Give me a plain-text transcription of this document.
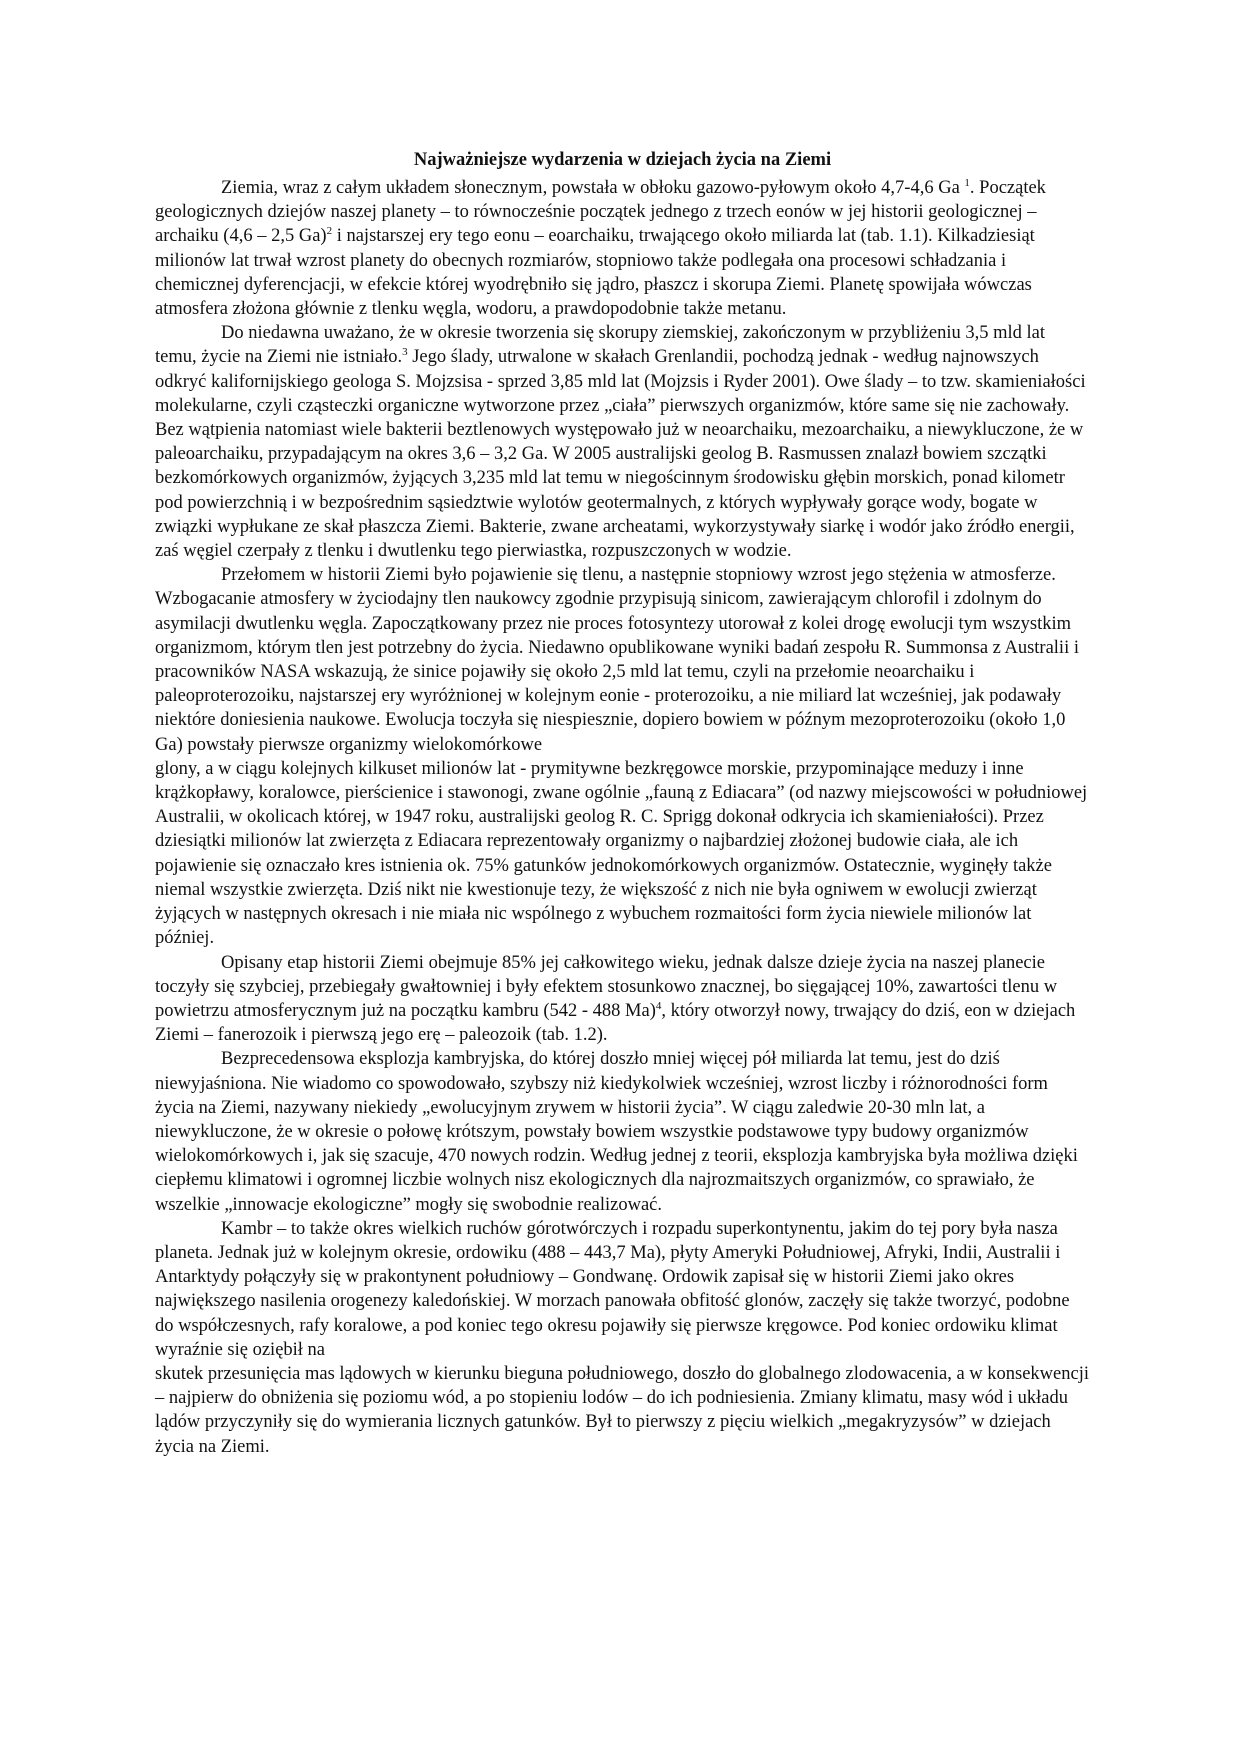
Najważniejsze wydarzenia w dziejach życia na Ziemi

Ziemia, wraz z całym układem słonecznym, powstała w obłoku gazowo-pyłowym około 4,7-4,6 Ga $^1$. Początek geologicznych dziejów naszej planety – to równocześnie początek jednego z trzech eonów w jej historii geologicznej – archaiku (4,6 – 2,5 Ga)$^2$ i najstarszej ery tego eonu – eoarchaiku, trwającego około miliarda lat (tab. 1.1). Kilkadziesiąt milionów lat trwał wzrost planety do obecnych rozmiarów, stopniowo także podlegała ona procesowi schładzania i chemicznej dyferencjacji, w efekcie której wyodrębniło się jądro, płaszcz i skorupa Ziemi. Planetę spowijała wówczas atmosfera złożona głównie z tlenku węgla, wodoru, a prawdopodobnie także metanu.

Do niedawna uważano, że w okresie tworzenia się skorupy ziemskiej, zakończonym w przybliżeniu 3,5 mld lat temu, życie na Ziemi nie istniało.$^3$ Jego ślady, utrwalone w skałach Grenlandii, pochodzą jednak - według najnowszych odkryć kalifornijskiego geologa S. Mojzsisa - sprzed 3,85 mld lat (Mojzsis i Ryder 2001). Owe ślady – to tzw. skamieniałości molekularne, czyli cząsteczki organiczne wytworzone przez „ciała” pierwszych organizmów, które same się nie zachowały. Bez wątpienia natomiast wiele bakterii beztlenowych występowało już w neoarchaiku, mezoarchaiku, a niewykluczone, że w paleoarchaiku, przypadającym na okres 3,6 – 3,2 Ga. W 2005 australijski geolog B. Rasmussen znalazł bowiem szczątki bezkomórkowych organizmów, żyjących 3,235 mld lat temu w niegościnnym środowisku głębin morskich, ponad kilometr pod powierzchnią i w bezpośrednim sąsiedztwie wylotów geotermalnych, z których wypływały gorące wody, bogate w związki wypłukane ze skał płaszcza Ziemi. Bakterie, zwane archeatami, wykorzystywały siarkę i wodór jako źródło energii, zaś węgiel czerpały z tlenku i dwutlenku tego pierwiastka, rozpuszczonych w wodzie.

Przełomem w historii Ziemi było pojawienie się tlenu, a następnie stopniowy wzrost jego stężenia w atmosferze. Wzbogacanie atmosfery w życiodajny tlen naukowcy zgodnie przypisują sinicom, zawierającym chlorofil i zdolnym do asymilacji dwutlenku węgla. Zapoczątkowany przez nie proces fotosyntezy utorował z kolei drogę ewolucji tym wszystkim organizmom, którym tlen jest potrzebny do życia. Niedawno opublikowane wyniki badań zespołu R. Summonsa z Australii i pracowników NASA wskazują, że sinice pojawiły się około 2,5 mld lat temu, czyli na przełomie neoarchaiku i paleoproterozoiku, najstarszej ery wyróżnionej w kolejnym eonie - proterozoiku, a nie miliard lat wcześniej, jak podawały niektóre doniesienia naukowe. Ewolucja toczyła się niespiesznie, dopiero bowiem w późnym mezoproterozoiku (około 1,0 Ga) powstały pierwsze organizmy wielokomórkowe

glony, a w ciągu kolejnych kilkuset milionów lat - prymitywne bezkręgowce morskie, przypominające meduzy i inne krążkopławy, koralowce, pierścienice i stawonogi, zwane ogólnie „fauną z Ediacara” (od nazwy miejscowości w południowej Australii, w okolicach której, w 1947 roku, australijski geolog R. C. Sprigg dokonał odkrycia ich skamieniałości). Przez dziesiątki milionów lat zwierzęta z Ediacara reprezentowały organizmy o najbardziej złożonej budowie ciała, ale ich pojawienie się oznaczało kres istnienia ok. 75% gatunków jednokomórkowych organizmów. Ostatecznie, wyginęły także niemal wszystkie zwierzęta. Dziś nikt nie kwestionuje tezy, że większość z nich nie była ogniwem w ewolucji zwierząt żyjących w następnych okresach i nie miała nic wspólnego z wybuchem rozmaitości form życia niewiele milionów lat później.

Opisany etap historii Ziemi obejmuje 85% jej całkowitego wieku, jednak dalsze dzieje życia na naszej planecie toczyły się szybciej, przebiegały gwałtowniej i były efektem stosunkowo znacznej, bo sięgającej 10%, zawartości tlenu w powietrzu atmosferycznym już na początku kambru (542 - 488 Ma)$^4$, który otworzył nowy, trwający do dziś, eon w dziejach Ziemi – fanerozoik i pierwszą jego erę – paleozoik (tab. 1.2).

Bezprecedensowa eksplozja kambryjska, do której doszło mniej więcej pół miliarda lat temu, jest do dziś niewyjaśniona. Nie wiadomo co spowodowało, szybszy niż kiedykolwiek wcześniej, wzrost liczby i różnorodności form życia na Ziemi, nazywany niekiedy „ewolucyjnym zrywem w historii życia”. W ciągu zaledwie 20-30 mln lat, a niewykluczone, że w okresie o połowę krótszym, powstały bowiem wszystkie podstawowe typy budowy organizmów wielokomórkowych i, jak się szacuje, 470 nowych rodzin. Według jednej z teorii, eksplozja kambryjska była możliwa dzięki ciepłemu klimatowi i ogromnej liczbie wolnych nisz ekologicznych dla najrozmaitszych organizmów, co sprawiało, że wszelkie „innowacje ekologiczne” mogły się swobodnie realizować.

Kambr – to także okres wielkich ruchów górotwórczych i rozpadu superkontynentu, jakim do tej pory była nasza planeta. Jednak już w kolejnym okresie, ordowiku (488 – 443,7 Ma), płyty Ameryki Południowej, Afryki, Indii, Australii i Antarktydy połączyły się w prakontynent południowy – Gondwanę. Ordowik zapisał się w historii Ziemi jako okres największego nasilenia orogenezy kaledońskiej. W morzach panowała obfitość glonów, zaczęły się także tworzyć, podobne do współczesnych, rafy koralowe, a pod koniec tego okresu pojawiły się pierwsze kręgowce. Pod koniec ordowiku klimat wyraźnie się oziębił na

skutek przesunięcia mas lądowych w kierunku bieguna południowego, doszło do globalnego zlodowacenia, a w konsekwencji – najpierw do obniżenia się poziomu wód, a po stopieniu lodów – do ich podniesienia. Zmiany klimatu, masy wód i układu lądów przyczyniły się do wymierania licznych gatunków. Był to pierwszy z pięciu wielkich „megakryzysów” w dziejach życia na Ziemi.
